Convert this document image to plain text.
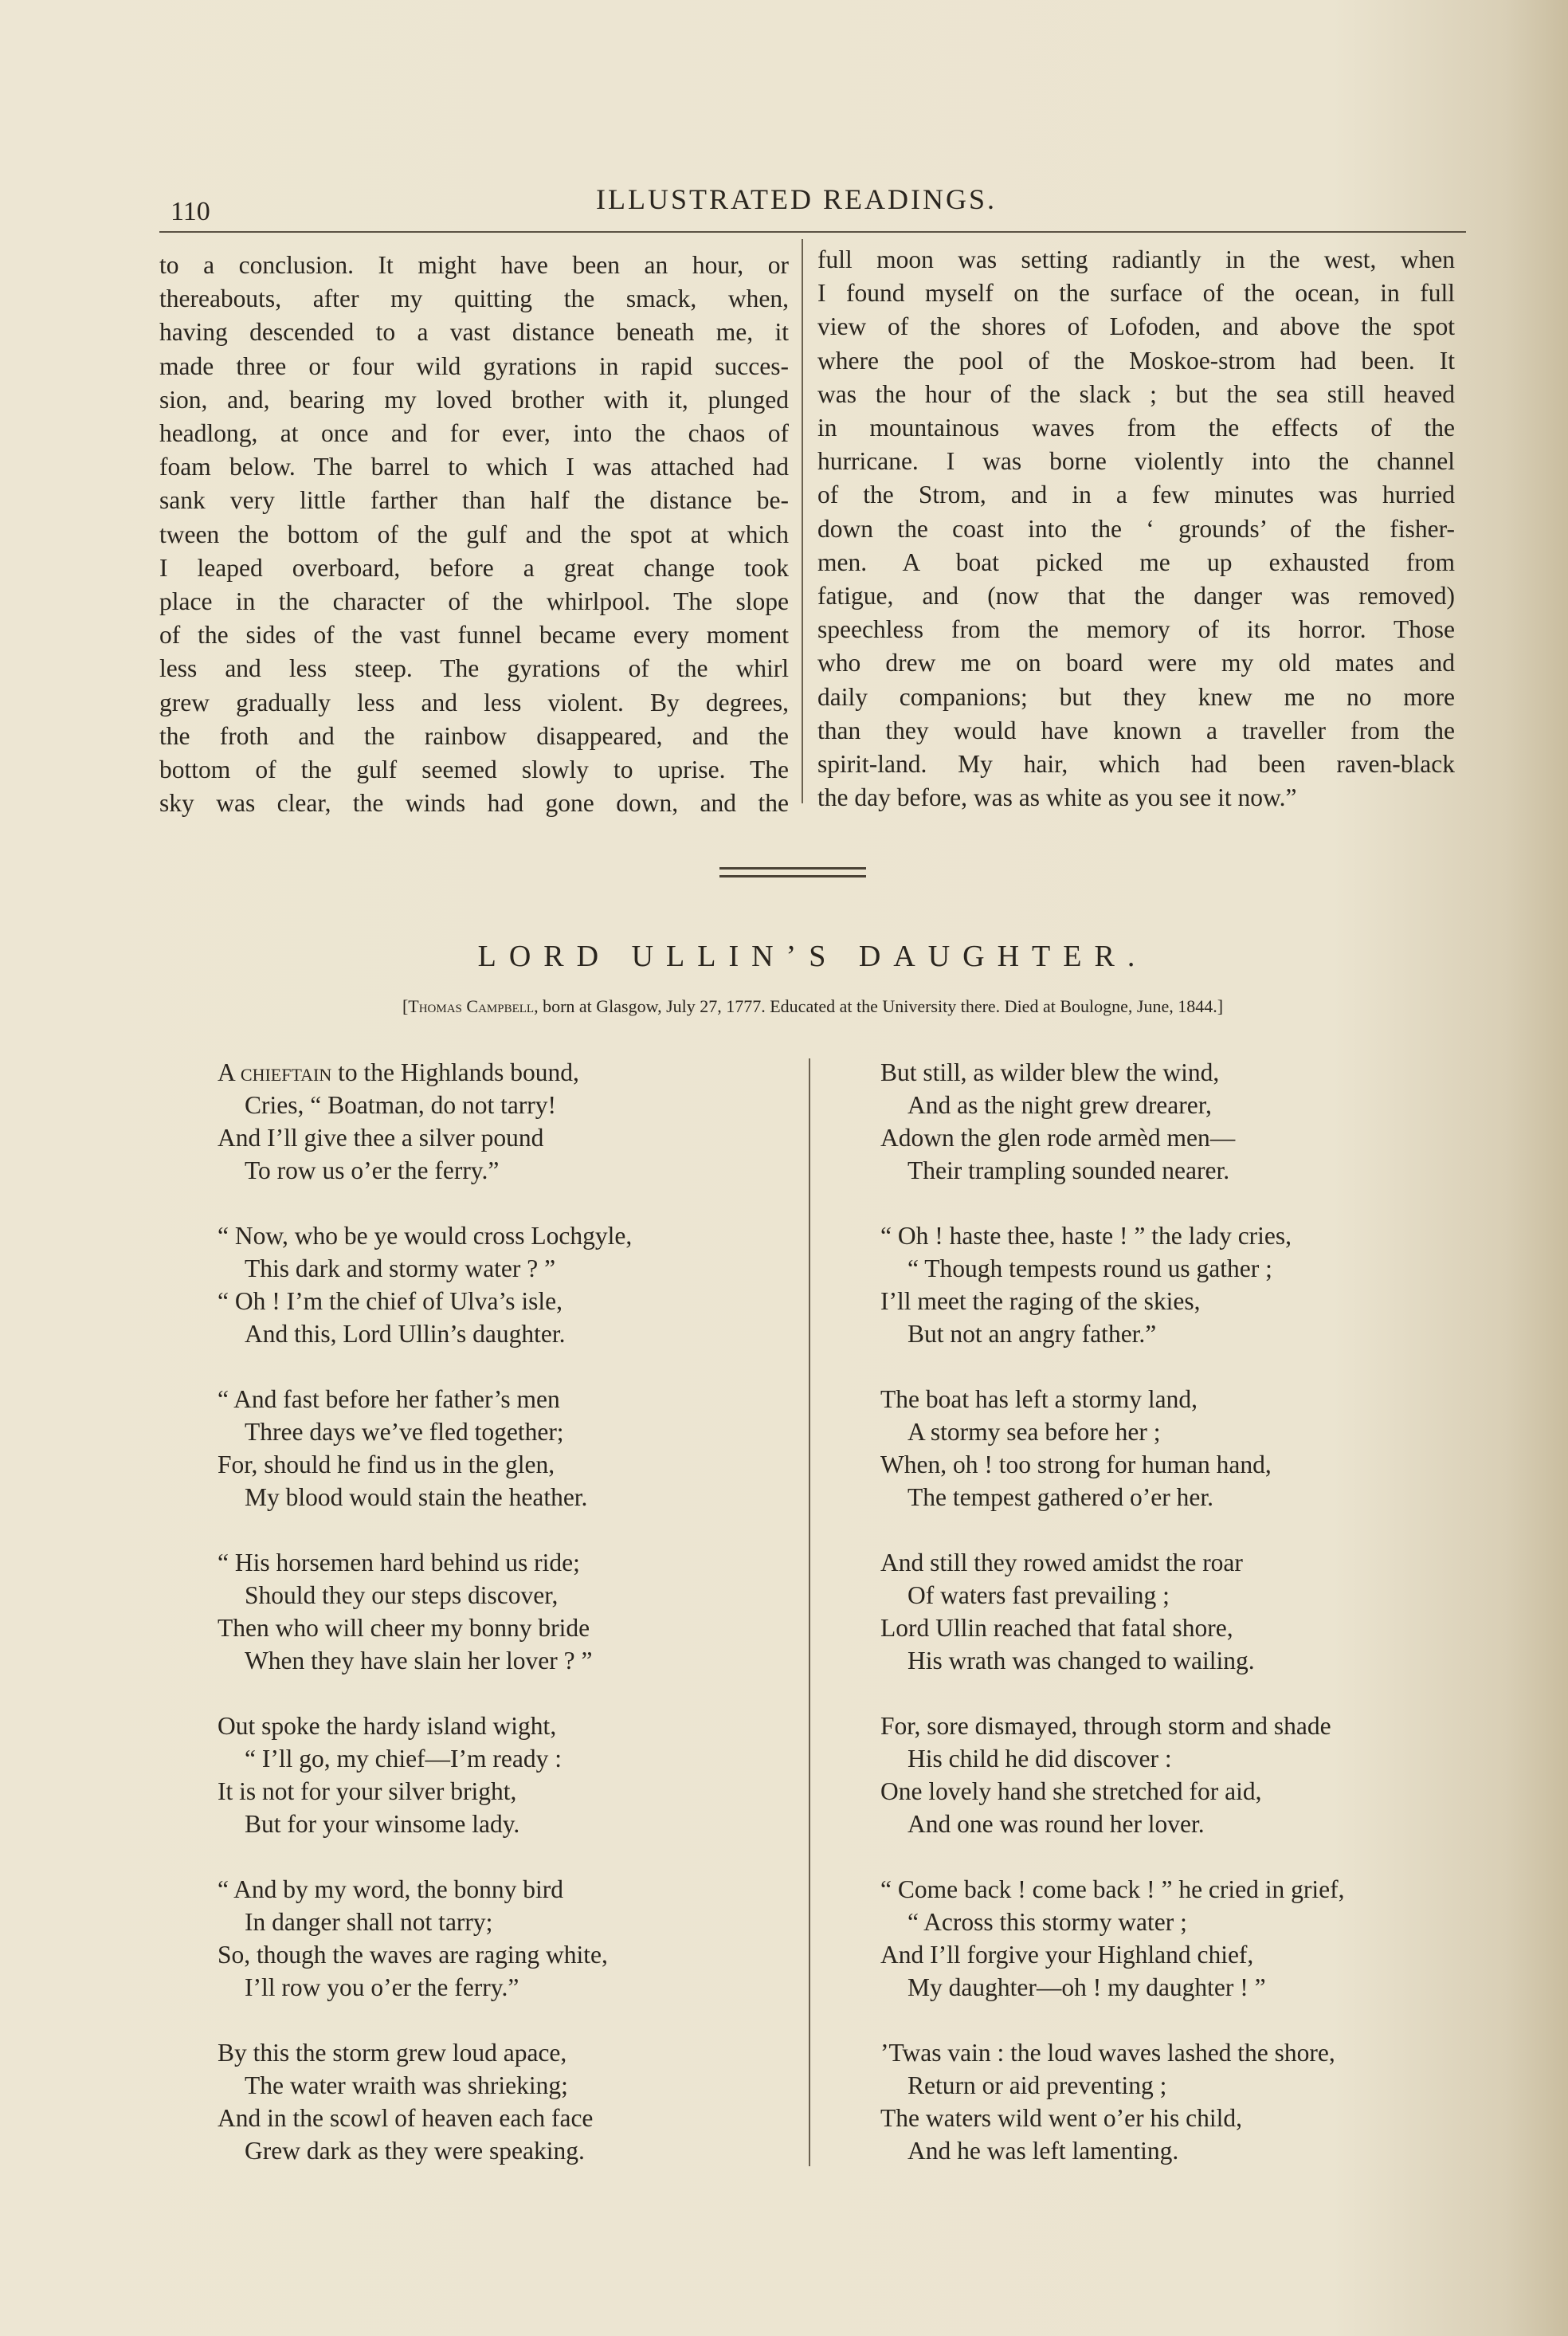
110	ILLUSTRATED READINGS.
to a conclusion. It might have been an hour, or
thereabouts, after my quitting the smack, when,
having descended to a vast distance beneath me, it
made three or four wild gyrations in rapid succes-
sion, and, bearing my loved brother with it, plunged
headlong, at once and for ever, into the chaos of
foam below. The barrel to which I was attached had
sank very little farther than half the distance be-
tween the bottom of the gulf and the spot at which
I leaped overboard, before a great change took
place in the character of the whirlpool. The slope
of the sides of the vast funnel became every moment
less and less steep. The gyrations of the whirl
grew gradually less and less violent. By degrees,
the froth and the rainbow disappeared, and the
bottom of the gulf seemed slowly to uprise. The
sky was clear, the winds had gone down, and the
full moon was setting radiantly in the west, when
I found myself on the surface of the ocean, in full
view of the shores of Lofoden, and above the spot
where the pool of the Moskoe-strom had been. It
was the hour of the slack ; but the sea still heaved
in mountainous waves from the effects of the
hurricane. I was borne violently into the channel
of the Strom, and in a few minutes was hurried
down the coast into the ‘ grounds’ of the fisher-
men. A boat picked me up exhausted from
fatigue, and (now that the danger was removed)
speechless from the memory of its horror. Those
who drew me on board were my old mates and
daily companions; but they knew me no more
than they would have known a traveller from the
spirit-land. My hair, which had been raven-black
the day before, was as white as you see it now.”
LORD ULLIN’S DAUGHTER.
[Thomas Campbell, born at Glasgow, July 27, 1777. Educated at the University there. Died at Boulogne, June, 1844.]
A chieftain to the Highlands bound,
Cries, “ Boatman, do not tarry!
And I’ll give thee a silver pound
To row us o’er the ferry.”
“ Now, who be ye would cross Lochgyle,
This dark and stormy water ? ”
“ Oh ! I’m the chief of Ulva’s isle,
And this, Lord Ullin’s daughter.
“ And fast before her father’s men
Three days we’ve fled together;
For, should he find us in the glen,
My blood would stain the heather.
“ His horsemen hard behind us ride;
Should they our steps discover,
Then who will cheer my bonny bride
When they have slain her lover ? ”
Out spoke the hardy island wight,
“ I’ll go, my chief—I’m ready :
It is not for your silver bright,
But for your winsome lady.
“ And by my word, the bonny bird
In danger shall not tarry;
So, though the waves are raging white,
I’ll row you o’er the ferry.”
By this the storm grew loud apace,
The water wraith was shrieking;
And in the scowl of heaven each face
Grew dark as they were speaking.
But still, as wilder blew the wind,
And as the night grew drearer,
Adown the glen rode armèd men—
Their trampling sounded nearer.
“ Oh ! haste thee, haste ! ” the lady cries,
“ Though tempests round us gather ;
I’ll meet the raging of the skies,
But not an angry father.”
The boat has left a stormy land,
A stormy sea before her ;
When, oh ! too strong for human hand,
The tempest gathered o’er her.
And still they rowed amidst the roar
Of waters fast prevailing ;
Lord Ullin reached that fatal shore,
His wrath was changed to wailing.
For, sore dismayed, through storm and shade
His child he did discover :
One lovely hand she stretched for aid,
And one was round her lover.
“ Come back ! come back ! ” he cried in grief,
“ Across this stormy water ;
And I’ll forgive your Highland chief,
My daughter—oh ! my daughter ! ”
’Twas vain : the loud waves lashed the shore,
Return or aid preventing ;
The waters wild went o’er his child,
And he was left lamenting.
